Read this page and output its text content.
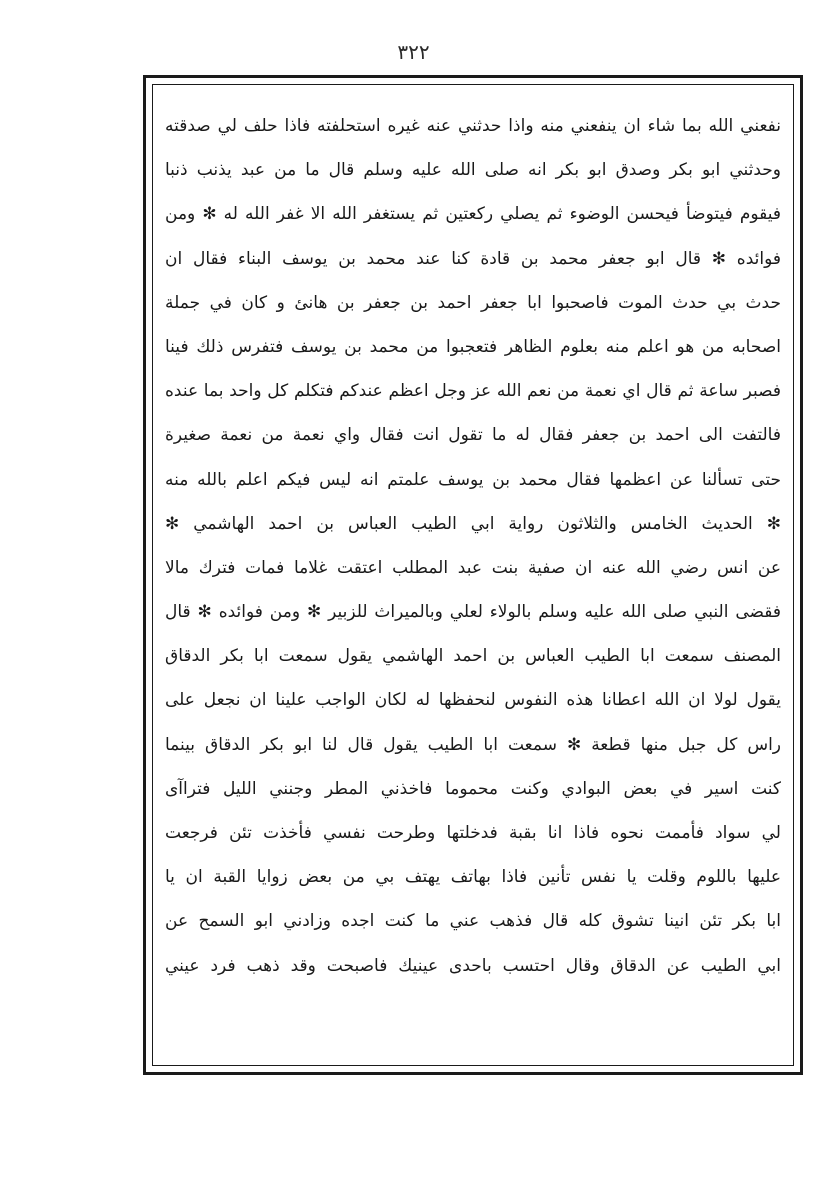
٣٢٢
نفعني الله بما شاء ان ينفعني منه واذا حدثني عنه غيره استحلفته فاذا حلف لي صدقته
وحدثني ابو بكر وصدق ابو بكر انه صلى الله عليه وسلم قال ما من عبد يذنب ذنبا
فيقوم فيتوضأ فيحسن الوضوء ثم يصلي ركعتين ثم يستغفر الله الا غفر الله له ✻ ومن
فوائده ✻ قال ابو جعفر محمد بن قادة كنا عند محمد بن يوسف البناء فقال ان
حدث بي حدث الموت فاصحبوا ابا جعفر احمد بن جعفر بن هانئ و كان في جملة
اصحابه من هو اعلم منه بعلوم الظاهر فتعجبوا من محمد بن يوسف فتفرس ذلك فينا
فصبر ساعة ثم قال اي نعمة من نعم الله عز وجل اعظم عندكم فتكلم كل واحد بما عنده
فالتفت الى احمد بن جعفر فقال له ما تقول انت فقال واي نعمة من نعمة صغيرة
حتى تسألنا عن اعظمها فقال محمد بن يوسف علمتم انه ليس فيكم اعلم بالله منه
✻ الحديث الخامس والثلاثون رواية ابي الطيب العباس بن احمد الهاشمي ✻
عن انس رضي الله عنه ان صفية بنت عبد المطلب اعتقت غلاما فمات فترك مالا
فقضى النبي صلى الله عليه وسلم بالولاء لعلي وبالميراث للزبير ✻ ومن فوائده ✻ قال
المصنف سمعت ابا الطيب العباس بن احمد الهاشمي يقول سمعت ابا بكر الدقاق
يقول لولا ان الله اعطانا هذه النفوس لنحفظها له لكان الواجب علينا ان نجعل على
راس كل جبل منها قطعة ✻ سمعت ابا الطيب يقول قال لنا ابو بكر الدقاق بينما
كنت اسير في بعض البوادي وكنت محموما فاخذني المطر وجنني الليل فتراآى
لي سواد فأممت نحوه فاذا انا بقبة فدخلتها وطرحت نفسي فأخذت تئن فرجعت
عليها باللوم وقلت يا نفس تأنين فاذا بهاتف يهتف بي من بعض زوايا القبة ان يا
ابا بكر تئن انينا تشوق كله قال فذهب عني ما كنت اجده وزادني ابو السمح عن
ابي الطيب عن الدقاق وقال احتسب باحدى عينيك فاصبحت وقد ذهب فرد عيني
